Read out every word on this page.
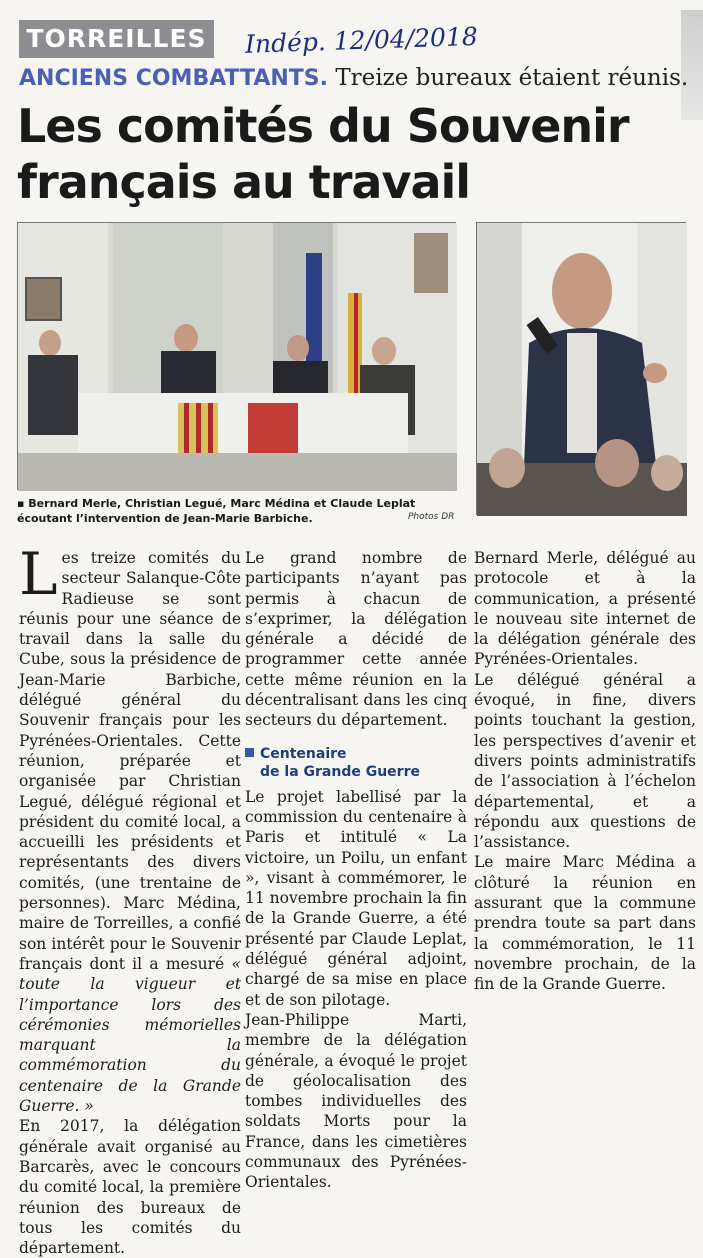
TORREILLES Indép. 12/04/2018
ANCIENS COMBATTANTS. Treize bureaux étaient réunis.
Les comités du Souvenir
français au travail
▪ Bernard Merle, Christian Legué, Marc Médina et Claude Leplat
écoutant l’intervention de Jean-Marie Barbiche.	Photos DR

Les treize comités du secteur Salanque-Côte Radieuse se sont réunis pour une séance de travail dans la salle du Cube, sous la présidence de Jean-Marie Barbiche, délégué général du Souvenir français pour les Pyrénées-Orientales. Cette réunion, préparée et organisée par Christian Legué, délégué régional et président du comité local, a accueilli les présidents et représentants des divers comités, (une trentaine de personnes). Marc Médina, maire de Torreilles, a confié son intérêt pour le Souvenir français dont il a mesuré « toute la vigueur et l’importance lors des cérémonies mémorielles marquant la commémoration du centenaire de la Grande Guerre. »

En 2017, la délégation générale avait organisé au Barcarès, avec le concours du comité local, la première réunion des bureaux de tous les comités du département.

Le grand nombre de participants n’ayant pas permis à chacun de s’exprimer, la délégation générale a décidé de programmer cette année cette même réunion en la décentralisant dans les cinq secteurs du département.

Centenaire
de la Grande Guerre

Le projet labellisé par la commission du centenaire à Paris et intitulé « La victoire, un Poilu, un enfant », visant à commémorer, le 11 novembre prochain la fin de la Grande Guerre, a été présenté par Claude Leplat, délégué général adjoint, chargé de sa mise en place et de son pilotage.

Jean-Philippe Marti, membre de la délégation générale, a évoqué le projet de géolocalisation des tombes individuelles des soldats Morts pour la France, dans les cimetières communaux des Pyrénées-Orientales.

Bernard Merle, délégué au protocole et à la communication, a présenté le nouveau site internet de la délégation générale des Pyrénées-Orientales.

Le délégué général a évoqué, in fine, divers points touchant la gestion, les perspectives d’avenir et divers points administratifs de l’association à l’échelon départemental, et a répondu aux questions de l’assistance.

Le maire Marc Médina a clôturé la réunion en assurant que la commune prendra toute sa part dans la commémoration, le 11 novembre prochain, de la fin de la Grande Guerre.
